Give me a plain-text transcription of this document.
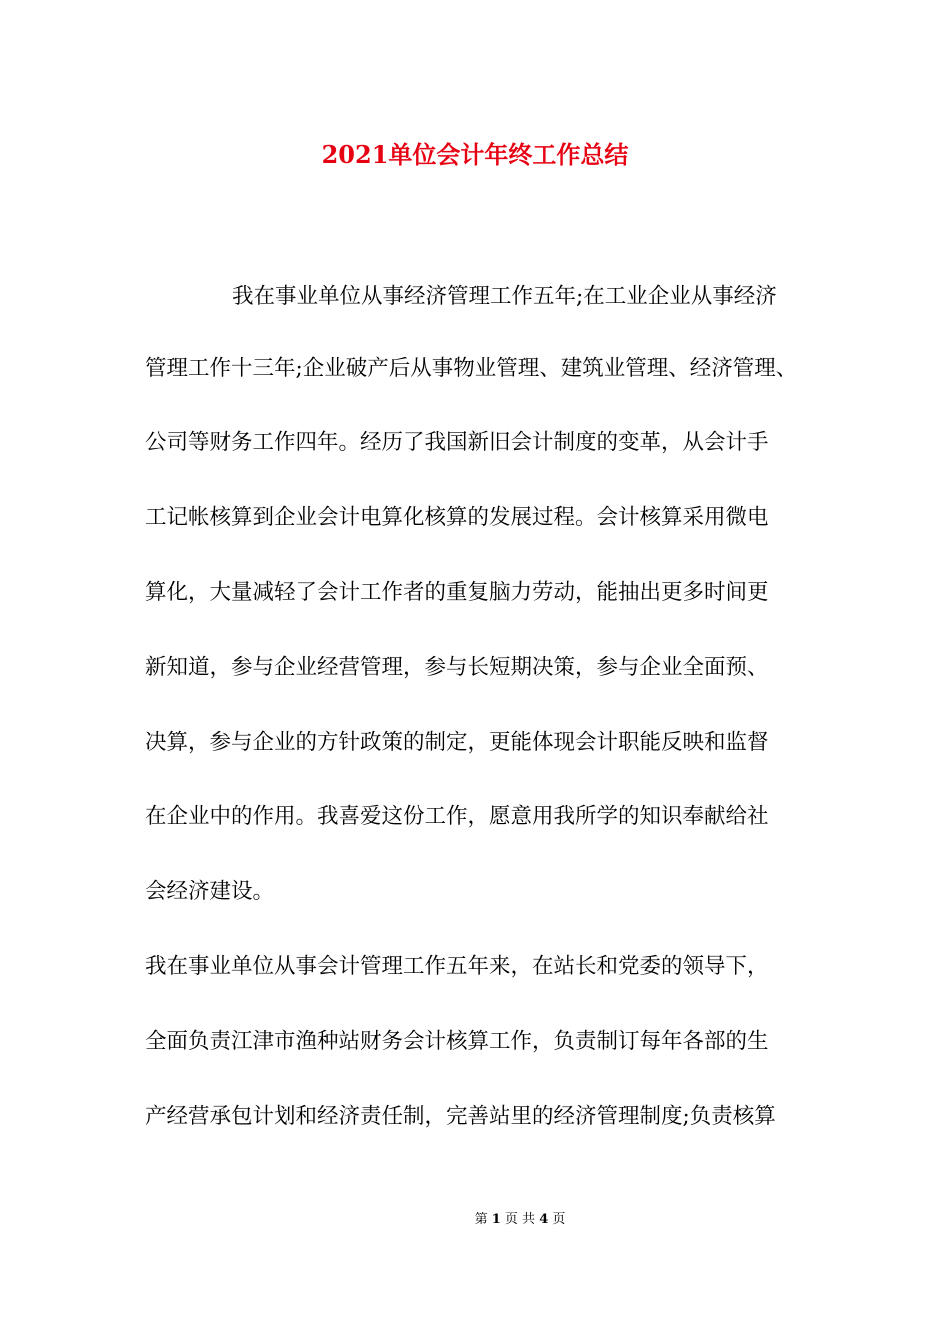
2021单位会计年终工作总结

我在事业单位从事经济管理工作五年;在工业企业从事经济

管理工作十三年;企业破产后从事物业管理、建筑业管理、经济管理、

公司等财务工作四年。经历了我国新旧会计制度的变革，从会计手

工记帐核算到企业会计电算化核算的发展过程。会计核算采用微电

算化，大量减轻了会计工作者的重复脑力劳动，能抽出更多时间更

新知道，参与企业经营管理，参与长短期决策，参与企业全面预、

决算，参与企业的方针政策的制定，更能体现会计职能反映和监督

在企业中的作用。我喜爱这份工作，愿意用我所学的知识奉献给社

会经济建设。

我在事业单位从事会计管理工作五年来，在站长和党委的领导下，

全面负责江津市渔种站财务会计核算工作，负责制订每年各部的生

产经营承包计划和经济责任制，完善站里的经济管理制度;负责核算

第 1 页 共 4 页
